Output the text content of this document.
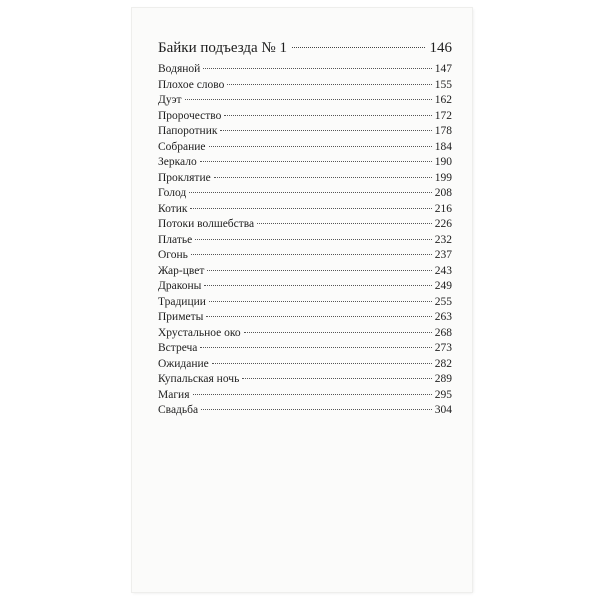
Байки подъезда № 1	146
Водяной	147
Плохое слово	155
Дуэт	162
Пророчество	172
Папоротник	178
Собрание	184
Зеркало	190
Проклятие	199
Голод	208
Котик	216
Потоки волшебства	226
Платье	232
Огонь	237
Жар-цвет	243
Драконы	249
Традиции	255
Приметы	263
Хрустальное око	268
Встреча	273
Ожидание	282
Купальская ночь	289
Магия	295
Свадьба	304
